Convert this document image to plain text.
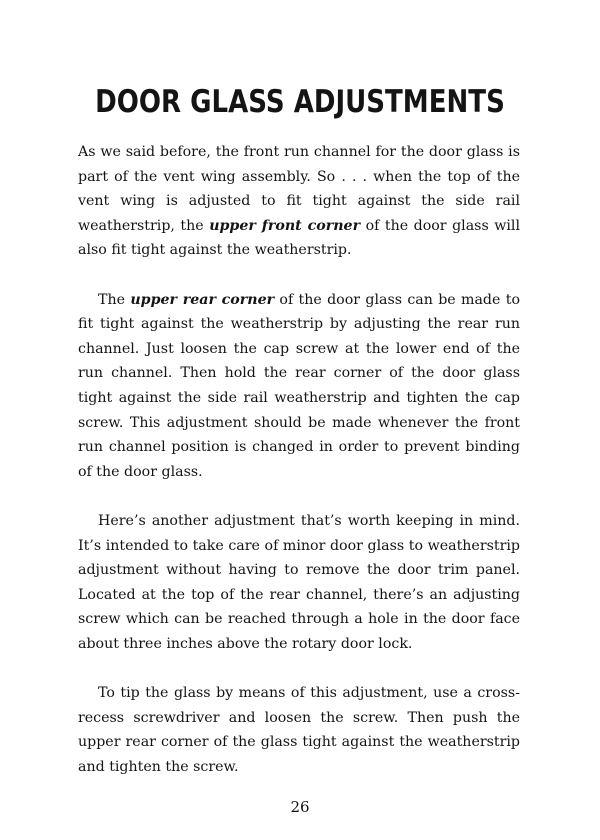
DOOR GLASS ADJUSTMENTS

As we said before, the front run channel for the door glass is part of the vent wing assembly. So . . . when the top of the vent wing is adjusted to fit tight against the side rail weatherstrip, the upper front corner of the door glass will also fit tight against the weatherstrip.

The upper rear corner of the door glass can be made to fit tight against the weatherstrip by adjusting the rear run channel. Just loosen the cap screw at the lower end of the run channel. Then hold the rear corner of the door glass tight against the side rail weatherstrip and tighten the cap screw. This adjustment should be made whenever the front run channel position is changed in order to prevent binding of the door glass.

Here’s another adjustment that’s worth keeping in mind. It’s intended to take care of minor door glass to weatherstrip adjustment without having to remove the door trim panel. Located at the top of the rear channel, there’s an adjusting screw which can be reached through a hole in the door face about three inches above the rotary door lock.

To tip the glass by means of this adjustment, use a cross-recess screwdriver and loosen the screw. Then push the upper rear corner of the glass tight against the weatherstrip and tighten the screw.

26
